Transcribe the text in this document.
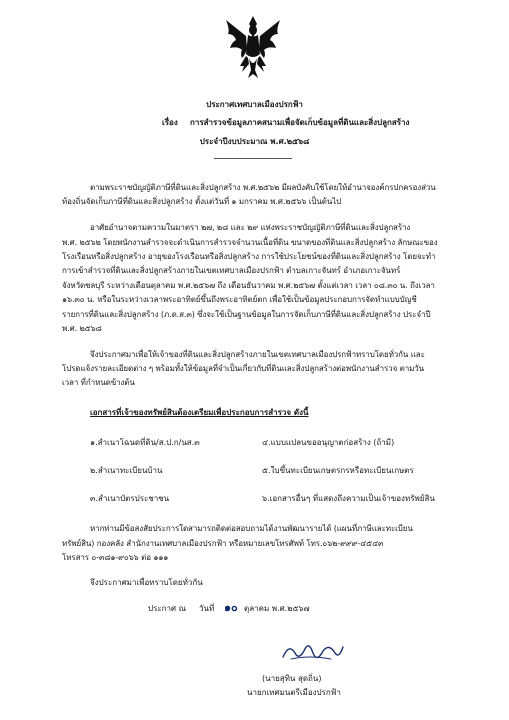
ประกาศเทศบาลเมืองปรกฟ้า
เรื่อง การสำรวจข้อมูลภาคสนามเพื่อจัดเก็บข้อมูลที่ดินและสิ่งปลูกสร้าง
ประจำปีงบประมาณ พ.ศ.๒๕๖๘
ตามพระราชบัญญัติภาษีที่ดินและสิ่งปลูกสร้าง พ.ศ.๒๕๖๒ มีผลบังคับใช้โดยให้อำนาจองค์กรปกครองส่วน
ท้องถิ่นจัดเก็บภาษีที่ดินและสิ่งปลูกสร้าง ตั้งแต่วันที่ ๑ มกราคม พ.ศ.๒๕๖๖ เป็นต้นไป
อาศัยอำนาจตามความในมาตรา ๒๗, ๒๘ และ ๒๙ แห่งพระราชบัญญัติภาษีที่ดินและสิ่งปลูกสร้าง
พ.ศ. ๒๕๖๒ โดยพนักงานสำรวจจะดำเนินการสำรวจจำนวนเนื้อที่ดิน ขนาดของที่ดินและสิ่งปลูกสร้าง ลักษณะของ
โรงเรือนหรือสิ่งปลูกสร้าง อายุของโรงเรือนหรือสิ่งปลูกสร้าง การใช้ประโยชน์ของที่ดินและสิ่งปลูกสร้าง โดยจะทำ
การเข้าสำรวจที่ดินและสิ่งปลูกสร้างภายในเขตเทศบาลเมืองปรกฟ้า ตำบลเกาะจันทร์ อำเภอเกาะจันทร์
จังหวัดชลบุรี ระหว่างเดือนตุลาคม พ.ศ.๒๕๖๗ ถึง เดือนธันวาคม พ.ศ.๒๕๖๗ ตั้งแต่เวลา เวลา ๐๘.๓๐ น. ถึงเวลา
๑๖.๓๐ น. หรือในระหว่างเวลาพระอาทิตย์ขึ้นถึงพระอาทิตย์ตก เพื่อใช้เป็นข้อมูลประกอบการจัดทำแบบบัญชี
รายการที่ดินและสิ่งปลูกสร้าง (ภ.ด.ส.๓) ซึ่งจะใช้เป็นฐานข้อมูลในการจัดเก็บภาษีที่ดินและสิ่งปลูกสร้าง ประจำปี
พ.ศ. ๒๕๖๘
จึงประกาศมาเพื่อให้เจ้าของที่ดินและสิ่งปลูกสร้างภายในเขตเทศบาลเมืองปรกฟ้าทราบโดยทั่วกัน และ
โปรดแจ้งรายละเอียดต่าง ๆ พร้อมทั้งให้ข้อมูลที่จำเป็นเกี่ยวกับที่ดินและสิ่งปลูกสร้างต่อพนักงานสำรวจ ตามวัน
เวลา ที่กำหนดข้างต้น
เอกสารที่เจ้าของทรัพย์สินต้องเตรียมเพื่อประกอบการสำรวจ ดังนี้
๑.สำเนาโฉนดที่ดิน/ส.ป.ก/นส.๓	๔.แบบแปลนขออนุญาตก่อสร้าง (ถ้ามี)
๒.สำเนาทะเบียนบ้าน	๕.ใบขึ้นทะเบียนเกษตรกรหรือทะเบียนเกษตร
๓.สำเนาบัตรประชาชน	๖.เอกสารอื่นๆ ที่แสดงถึงความเป็นเจ้าของทรัพย์สิน
หากท่านมีข้อสงสัยประการใดสามารถติดต่อสอบถามได้งานพัฒนารายได้ (แผนที่ภาษีและทะเบียน
ทรัพย์สิน) กองคลัง สำนักงานเทศบาลเมืองปรกฟ้า หรือหมายเลขโทรศัพท์ โทร.๐๖๒-๙๙๙-๔๕๔๓
โทรสาร ๐-๓๘๑-๙๐๖๖ ต่อ ๑๑๑
จึงประกาศมาเพื่อทราบโดยทั่วกัน
ประกาศ ณ วันที่ ๑๐ ตุลาคม พ.ศ.๒๕๖๗
(นายสุทิน สุดถิ่น)
นายกเทศมนตรีเมืองปรกฟ้า
